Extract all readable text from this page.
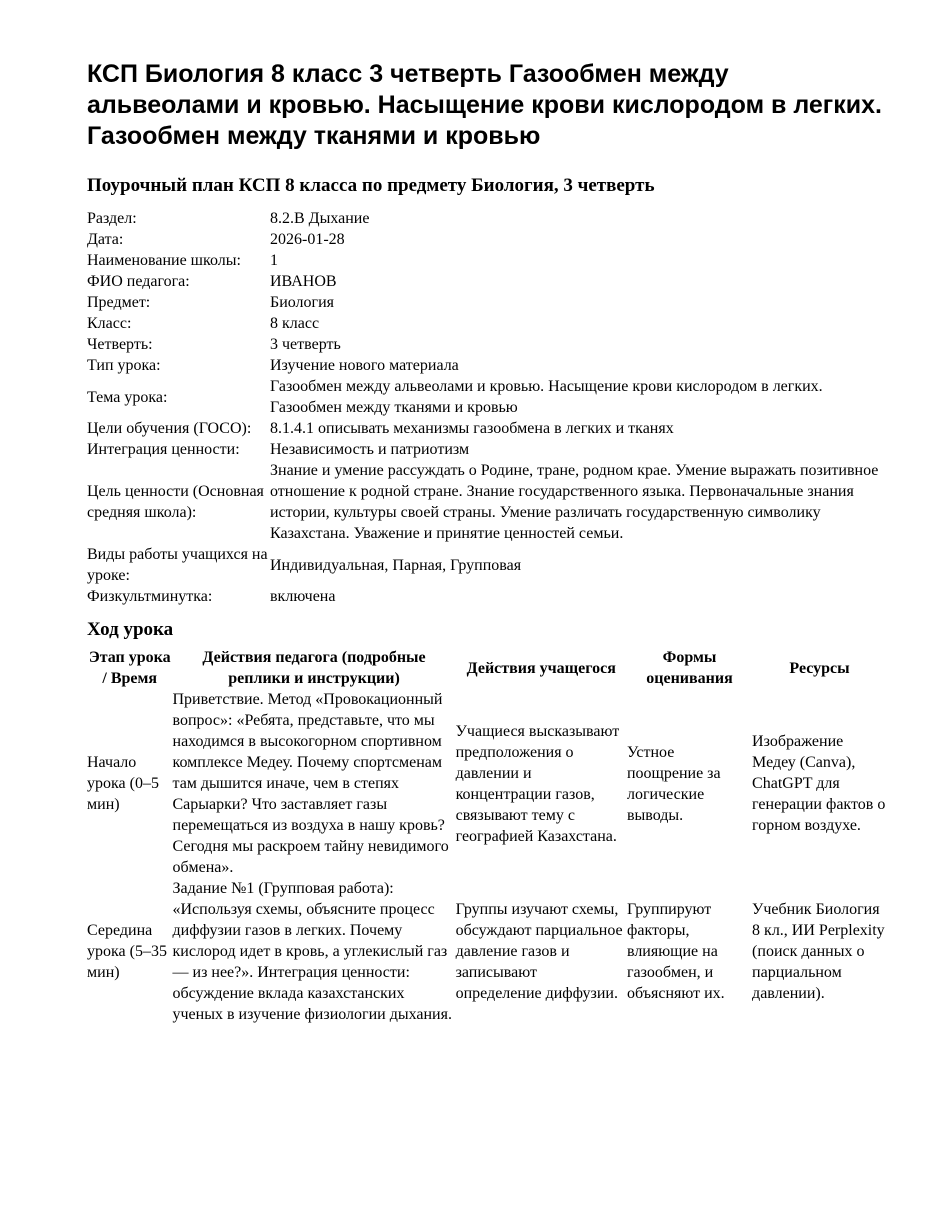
КСП Биология 8 класс 3 четверть Газообмен между альвеолами и кровью. Насыщение крови кислородом в легких. Газообмен между тканями и кровью
Поурочный план КСП 8 класса по предмету Биология, 3 четверть
Раздел:	8.2.В Дыхание
Дата:	2026-01-28
Наименование школы:	1
ФИО педагога:	ИВАНОВ
Предмет:	Биология
Класс:	8 класс
Четверть:	3 четверть
Тип урока:	Изучение нового материала
Тема урока:	Газообмен между альвеолами и кровью. Насыщение крови кислородом в легких. Газообмен между тканями и кровью
Цели обучения (ГОСО):	8.1.4.1 описывать механизмы газообмена в легких и тканях
Интеграция ценности:	Независимость и патриотизм
Цель ценности (Основная средняя школа):	Знание и умение рассуждать о Родине, тране, родном крае. Умение выражать позитивное отношение к родной стране. Знание государственного языка. Первоначальные знания истории, культуры своей страны. Умение различать государственную символику Казахстана. Уважение и принятие ценностей семьи.
Виды работы учащихся на уроке:	Индивидуальная, Парная, Групповая
Физкультминутка:	включена
Ход урока
Этап урока / Время	Действия педагога (подробные реплики и инструкции)	Действия учащегося	Формы оценивания	Ресурсы
Начало урока (0–5 мин)	Приветствие. Метод «Провокационный вопрос»: «Ребята, представьте, что мы находимся в высокогорном спортивном комплексе Медеу. Почему спортсменам там дышится иначе, чем в степях Сарыарки? Что заставляет газы перемещаться из воздуха в нашу кровь? Сегодня мы раскроем тайну невидимого обмена».	Учащиеся высказывают предположения о давлении и концентрации газов, связывают тему с географией Казахстана.	Устное поощрение за логические выводы.	Изображение Медеу (Canva), ChatGPT для генерации фактов о горном воздухе.
Середина урока (5–35 мин)	Задание №1 (Групповая работа): «Используя схемы, объясните процесс диффузии газов в легких. Почему кислород идет в кровь, а углекислый газ — из нее?». Интеграция ценности: обсуждение вклада казахстанских ученых в изучение физиологии дыхания.	Группы изучают схемы, обсуждают парциальное давление газов и записывают определение диффузии.	Группируют факторы, влияющие на газообмен, и объясняют их.	Учебник Биология 8 кл., ИИ Perplexity (поиск данных о парциальном давлении).
